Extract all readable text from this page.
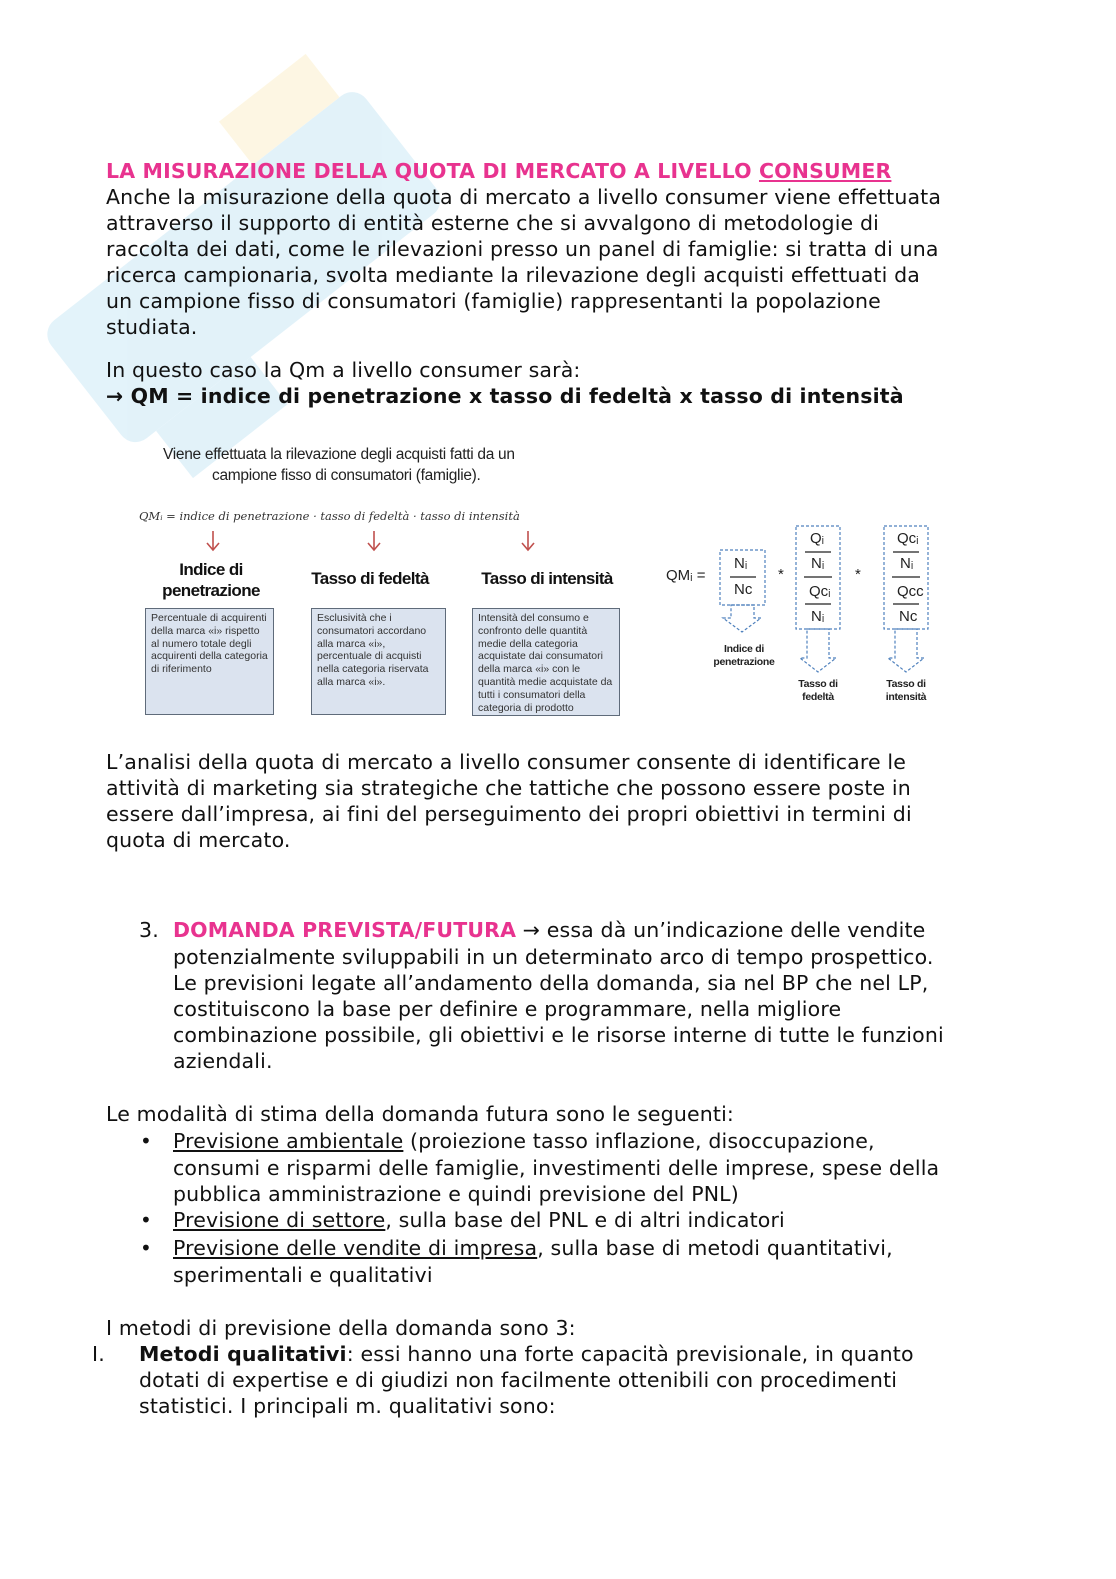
LA MISURAZIONE DELLA QUOTA DI MERCATO A LIVELLO CONSUMER
Anche la misurazione della quota di mercato a livello consumer viene effettuata
attraverso il supporto di entità esterne che si avvalgono di metodologie di
raccolta dei dati, come le rilevazioni presso un panel di famiglie: si tratta di una
ricerca campionaria, svolta mediante la rilevazione degli acquisti effettuati da
un campione fisso di consumatori (famiglie) rappresentanti la popolazione
studiata.
In questo caso la Qm a livello consumer sarà:
→ QM = indice di penetrazione x tasso di fedeltà x tasso di intensità
Viene effettuata la rilevazione degli acquisti fatti da un
campione fisso di consumatori (famiglie).
QMᵢ = indice di penetrazione · tasso di fedeltà · tasso di intensità
Indice di penetrazione
Tasso di fedeltà	Tasso di intensità
Percentuale di acquirenti della marca «i» rispetto al numero totale degli acquirenti della categoria di riferimento
Esclusività che i consumatori accordano alla marca «i», percentuale di acquisti nella categoria riservata alla marca «i».
Intensità del consumo e confronto delle quantità medie della categoria acquistate dai consumatori della marca «i» con le quantità medie acquistate da tutti i consumatori della categoria di prodotto
QMᵢ =
Nᵢ
Nc
*
Qᵢ
Nᵢ
Qcᵢ
Nᵢ
*
Qcᵢ
Nᵢ
Qcc
Nc
Indice di penetrazione
Tasso di fedeltà
Tasso di intensità
L’analisi della quota di mercato a livello consumer consente di identificare le
attività di marketing sia strategiche che tattiche che possono essere poste in
essere dall’impresa, ai fini del perseguimento dei propri obiettivi in termini di
quota di mercato.
3. DOMANDA PREVISTA/FUTURA → essa dà un’indicazione delle vendite
potenzialmente sviluppabili in un determinato arco di tempo prospettico.
Le previsioni legate all’andamento della domanda, sia nel BP che nel LP,
costituiscono la base per definire e programmare, nella migliore
combinazione possibile, gli obiettivi e le risorse interne di tutte le funzioni
aziendali.
Le modalità di stima della domanda futura sono le seguenti:
• Previsione ambientale (proiezione tasso inflazione, disoccupazione,
consumi e risparmi delle famiglie, investimenti delle imprese, spese della
pubblica amministrazione e quindi previsione del PNL)
• Previsione di settore, sulla base del PNL e di altri indicatori
• Previsione delle vendite di impresa, sulla base di metodi quantitativi,
sperimentali e qualitativi
I metodi di previsione della domanda sono 3:
I. Metodi qualitativi: essi hanno una forte capacità previsionale, in quanto
dotati di expertise e di giudizi non facilmente ottenibili con procedimenti
statistici. I principali m. qualitativi sono:
